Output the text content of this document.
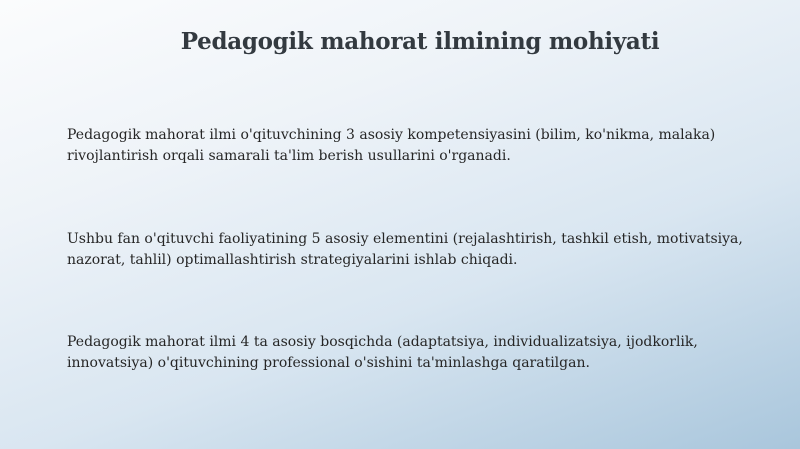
Pedagogik mahorat ilmining mohiyati

Pedagogik mahorat ilmi o'qituvchining 3 asosiy kompetensiyasini (bilim, ko'nikma, malaka) rivojlantirish orqali samarali ta'lim berish usullarini o'rganadi.

Ushbu fan o'qituvchi faoliyatining 5 asosiy elementini (rejalashtirish, tashkil etish, motivatsiya, nazorat, tahlil) optimallashtirish strategiyalarini ishlab chiqadi.

Pedagogik mahorat ilmi 4 ta asosiy bosqichda (adaptatsiya, individualizatsiya, ijodkorlik, innovatsiya) o'qituvchining professional o'sishini ta'minlashga qaratilgan.
